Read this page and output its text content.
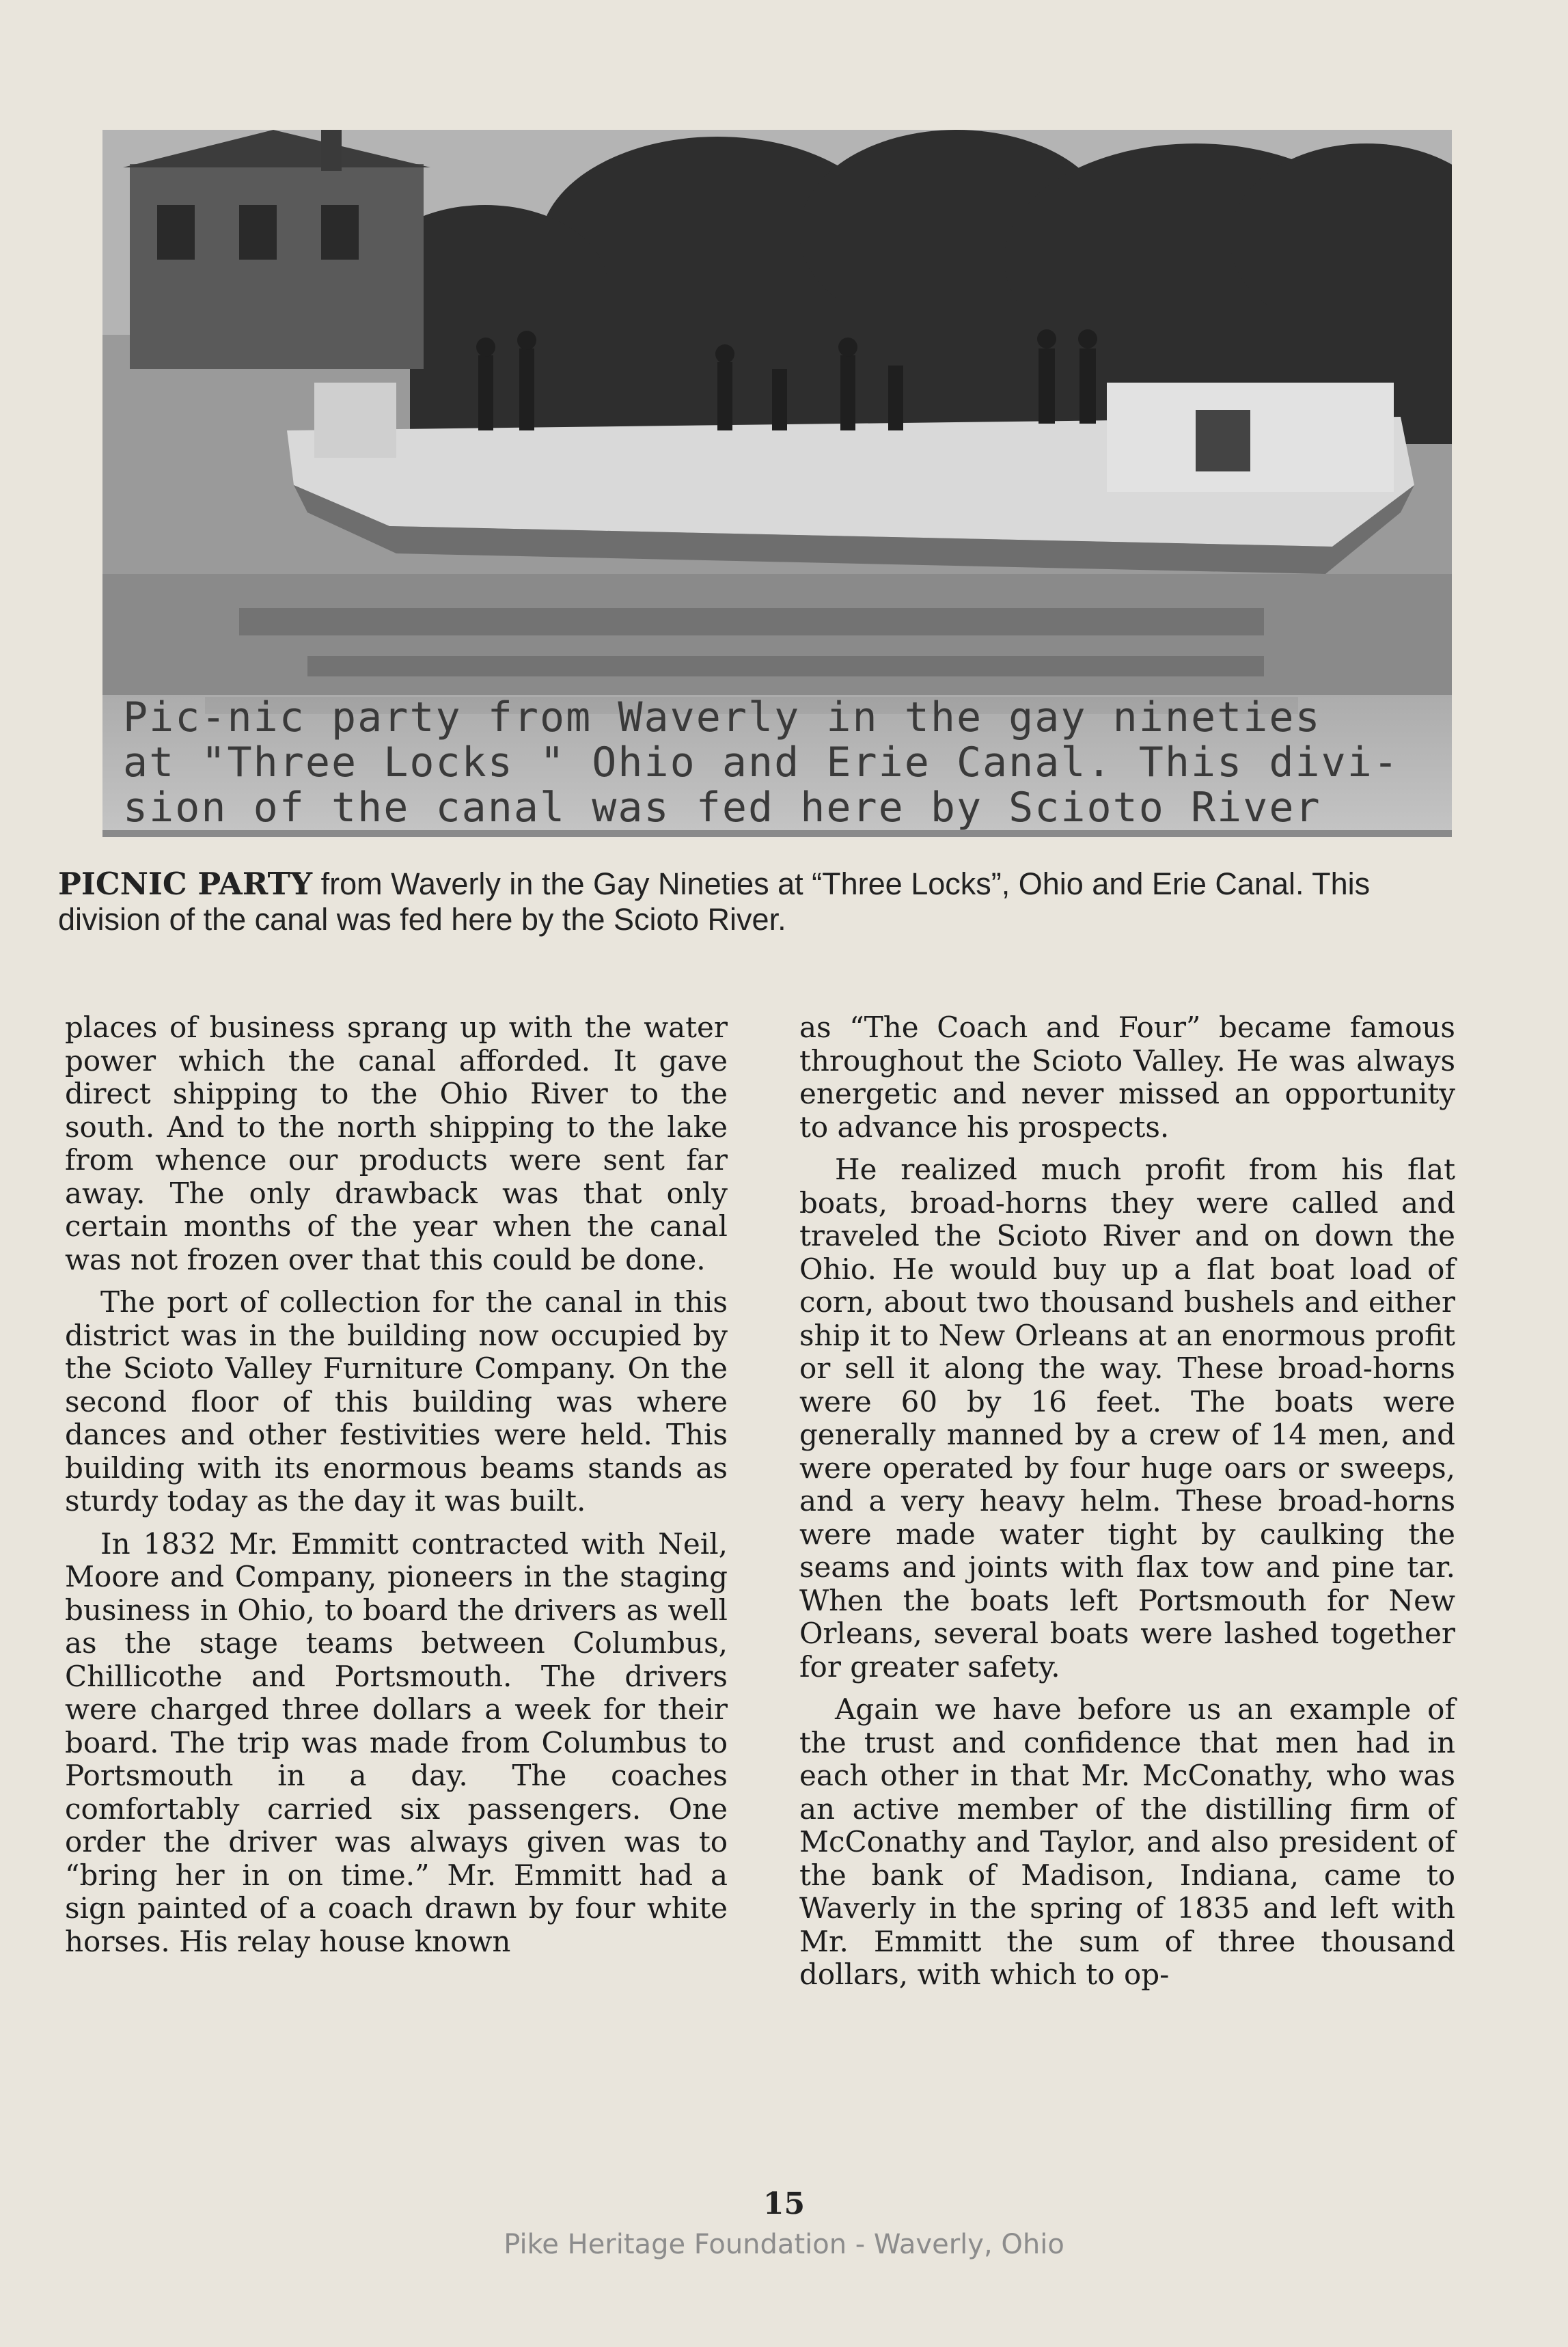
Pic-nic party from Waverly in the gay nineties
at "Three Locks " Ohio and Erie Canal. This divi-
sion of the canal was fed here by Scioto River
PICNIC PARTY from Waverly in the Gay Nineties at “Three Locks”, Ohio and Erie Canal. This division of the canal was fed here by the Scioto River.

places of business sprang up with the water power which the canal afforded. It gave direct shipping to the Ohio River to the south. And to the north shipping to the lake from whence our products were sent far away. The only drawback was that only certain months of the year when the canal was not frozen over that this could be done.

The port of collection for the canal in this district was in the building now occupied by the Scioto Valley Furniture Company. On the second floor of this building was where dances and other festivities were held. This building with its enormous beams stands as sturdy today as the day it was built.

In 1832 Mr. Emmitt contracted with Neil, Moore and Company, pioneers in the staging business in Ohio, to board the drivers as well as the stage teams between Columbus, Chillicothe and Portsmouth. The drivers were charged three dollars a week for their board. The trip was made from Columbus to Portsmouth in a day. The coaches comfortably carried six passengers. One order the driver was always given was to “bring her in on time.” Mr. Emmitt had a sign painted of a coach drawn by four white horses. His relay house known

as “The Coach and Four” became famous throughout the Scioto Valley. He was always energetic and never missed an opportunity to advance his prospects.

He realized much profit from his flat boats, broad-horns they were called and traveled the Scioto River and on down the Ohio. He would buy up a flat boat load of corn, about two thousand bushels and either ship it to New Orleans at an enormous profit or sell it along the way. These broad-horns were 60 by 16 feet. The boats were generally manned by a crew of 14 men, and were operated by four huge oars or sweeps, and a very heavy helm. These broad-horns were made water tight by caulking the seams and joints with flax tow and pine tar. When the boats left Portsmouth for New Orleans, several boats were lashed together for greater safety.

Again we have before us an example of the trust and confidence that men had in each other in that Mr. McConathy, who was an active member of the distilling firm of McConathy and Taylor, and also president of the bank of Madison, Indiana, came to Waverly in the spring of 1835 and left with Mr. Emmitt the sum of three thousand dollars, with which to op-

15
Pike Heritage Foundation - Waverly, Ohio
